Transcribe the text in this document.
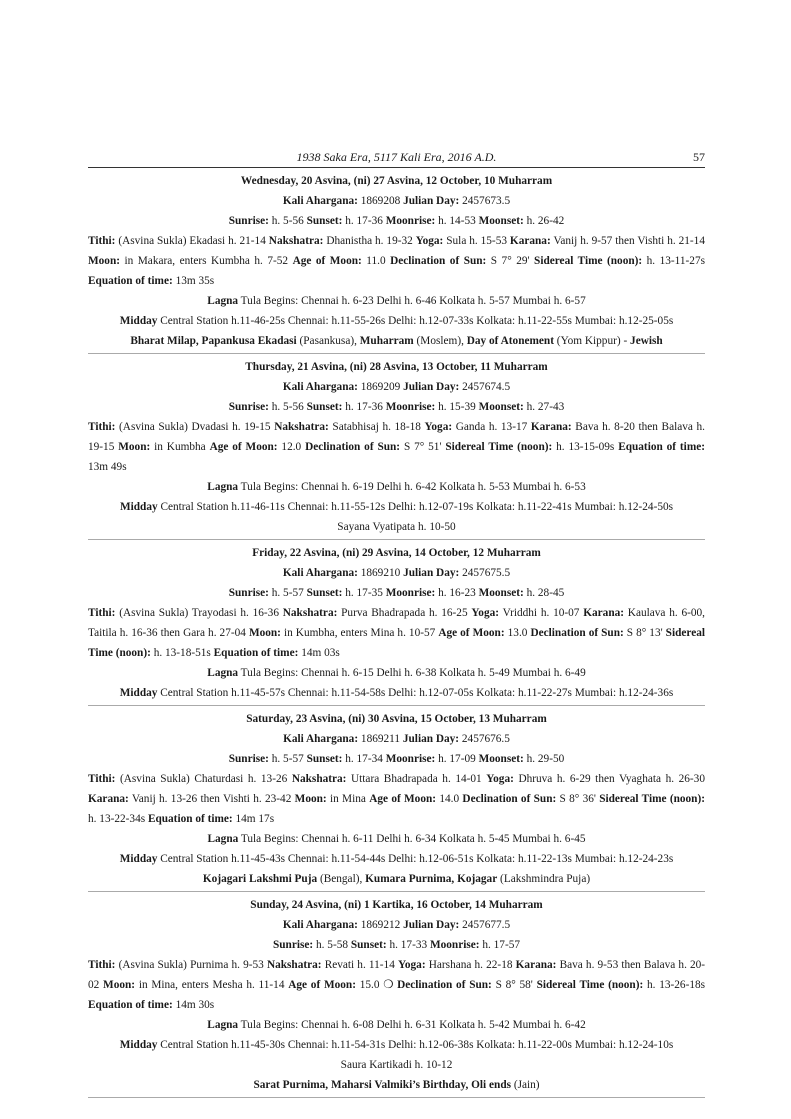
1938 Saka Era, 5117 Kali Era, 2016 A.D.	57
Wednesday, 20 Asvina, (ni) 27 Asvina, 12 October, 10 Muharram
Kali Ahargana: 1869208 Julian Day: 2457673.5
Sunrise: h. 5-56 Sunset: h. 17-36 Moonrise: h. 14-53 Moonset: h. 26-42
Tithi: (Asvina Sukla) Ekadasi h. 21-14 Nakshatra: Dhanistha h. 19-32 Yoga: Sula h. 15-53 Karana: Vanij h. 9-57 then Vishti h. 21-14 Moon: in Makara, enters Kumbha h. 7-52 Age of Moon: 11.0 Declination of Sun: S 7° 29' Sidereal Time (noon): h. 13-11-27s Equation of time: 13m 35s
Lagna Tula Begins: Chennai h. 6-23 Delhi h. 6-46 Kolkata h. 5-57 Mumbai h. 6-57
Midday Central Station h.11-46-25s Chennai: h.11-55-26s Delhi: h.12-07-33s Kolkata: h.11-22-55s Mumbai: h.12-25-05s
Bharat Milap, Papankusa Ekadasi (Pasankusa), Muharram (Moslem), Day of Atonement (Yom Kippur) - Jewish
Thursday, 21 Asvina, (ni) 28 Asvina, 13 October, 11 Muharram
Kali Ahargana: 1869209 Julian Day: 2457674.5
Sunrise: h. 5-56 Sunset: h. 17-36 Moonrise: h. 15-39 Moonset: h. 27-43
Tithi: (Asvina Sukla) Dvadasi h. 19-15 Nakshatra: Satabhisaj h. 18-18 Yoga: Ganda h. 13-17 Karana: Bava h. 8-20 then Balava h. 19-15 Moon: in Kumbha Age of Moon: 12.0 Declination of Sun: S 7° 51' Sidereal Time (noon): h. 13-15-09s Equation of time: 13m 49s
Lagna Tula Begins: Chennai h. 6-19 Delhi h. 6-42 Kolkata h. 5-53 Mumbai h. 6-53
Midday Central Station h.11-46-11s Chennai: h.11-55-12s Delhi: h.12-07-19s Kolkata: h.11-22-41s Mumbai: h.12-24-50s
Sayana Vyatipata h. 10-50
Friday, 22 Asvina, (ni) 29 Asvina, 14 October, 12 Muharram
Kali Ahargana: 1869210 Julian Day: 2457675.5
Sunrise: h. 5-57 Sunset: h. 17-35 Moonrise: h. 16-23 Moonset: h. 28-45
Tithi: (Asvina Sukla) Trayodasi h. 16-36 Nakshatra: Purva Bhadrapada h. 16-25 Yoga: Vriddhi h. 10-07 Karana: Kaulava h. 6-00, Taitila h. 16-36 then Gara h. 27-04 Moon: in Kumbha, enters Mina h. 10-57 Age of Moon: 13.0 Declination of Sun: S 8° 13' Sidereal Time (noon): h. 13-18-51s Equation of time: 14m 03s
Lagna Tula Begins: Chennai h. 6-15 Delhi h. 6-38 Kolkata h. 5-49 Mumbai h. 6-49
Midday Central Station h.11-45-57s Chennai: h.11-54-58s Delhi: h.12-07-05s Kolkata: h.11-22-27s Mumbai: h.12-24-36s
Saturday, 23 Asvina, (ni) 30 Asvina, 15 October, 13 Muharram
Kali Ahargana: 1869211 Julian Day: 2457676.5
Sunrise: h. 5-57 Sunset: h. 17-34 Moonrise: h. 17-09 Moonset: h. 29-50
Tithi: (Asvina Sukla) Chaturdasi h. 13-26 Nakshatra: Uttara Bhadrapada h. 14-01 Yoga: Dhruva h. 6-29 then Vyaghata h. 26-30 Karana: Vanij h. 13-26 then Vishti h. 23-42 Moon: in Mina Age of Moon: 14.0 Declination of Sun: S 8° 36' Sidereal Time (noon): h. 13-22-34s Equation of time: 14m 17s
Lagna Tula Begins: Chennai h. 6-11 Delhi h. 6-34 Kolkata h. 5-45 Mumbai h. 6-45
Midday Central Station h.11-45-43s Chennai: h.11-54-44s Delhi: h.12-06-51s Kolkata: h.11-22-13s Mumbai: h.12-24-23s
Kojagari Lakshmi Puja (Bengal), Kumara Purnima, Kojagar (Lakshmindra Puja)
Sunday, 24 Asvina, (ni) 1 Kartika, 16 October, 14 Muharram
Kali Ahargana: 1869212 Julian Day: 2457677.5
Sunrise: h. 5-58 Sunset: h. 17-33 Moonrise: h. 17-57
Tithi: (Asvina Sukla) Purnima h. 9-53 Nakshatra: Revati h. 11-14 Yoga: Harshana h. 22-18 Karana: Bava h. 9-53 then Balava h. 20-02 Moon: in Mina, enters Mesha h. 11-14 Age of Moon: 15.0 ❍ Declination of Sun: S 8° 58' Sidereal Time (noon): h. 13-26-18s Equation of time: 14m 30s
Lagna Tula Begins: Chennai h. 6-08 Delhi h. 6-31 Kolkata h. 5-42 Mumbai h. 6-42
Midday Central Station h.11-45-30s Chennai: h.11-54-31s Delhi: h.12-06-38s Kolkata: h.11-22-00s Mumbai: h.12-24-10s
Saura Kartikadi h. 10-12
Sarat Purnima, Maharsi Valmiki’s Birthday, Oli ends (Jain)
